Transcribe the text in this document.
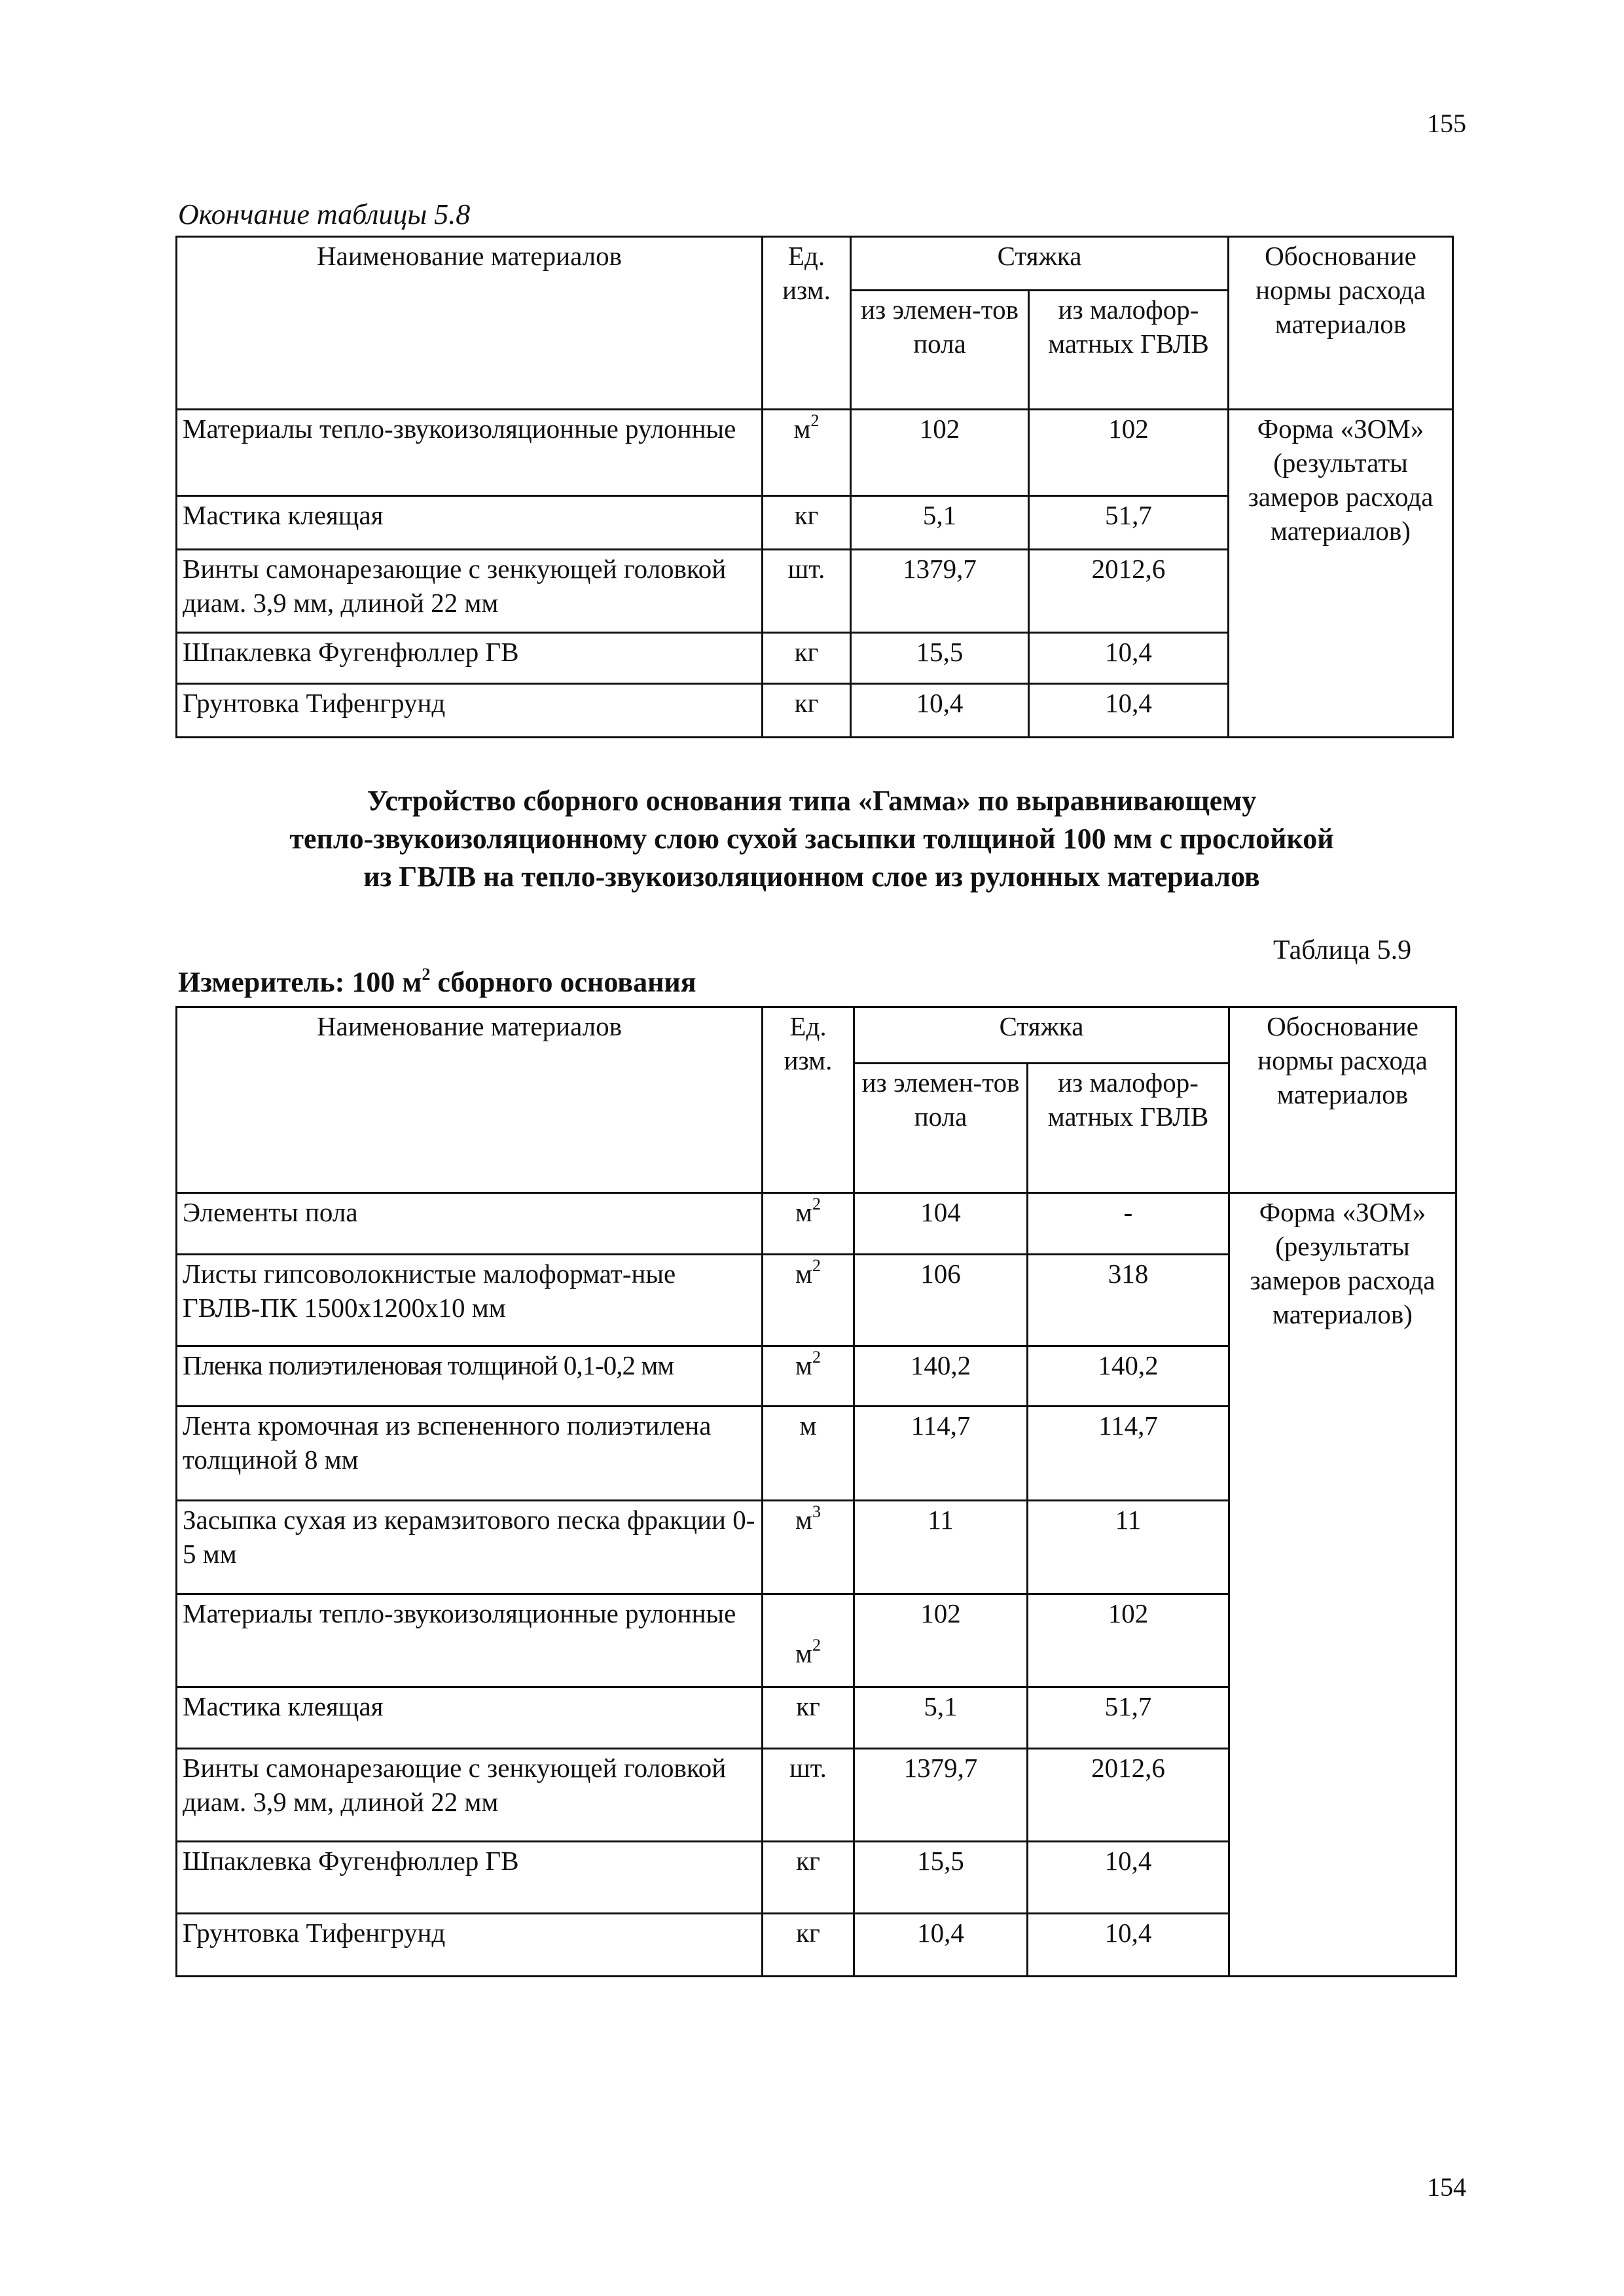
155
Окончание таблицы 5.8
Наименование материалов	Ед. изм.	Стяжка		Обоснование нормы расхода материалов
		из элемен-тов пола	из малофор-матных ГВЛВ	
Материалы тепло-звукоизоляционные рулонные	$м^2$	102	102	Форма «ЗОМ» (результаты замеров расхода материалов)
Мастика клеящая	кг	5,1	51,7	
Винты самонарезающие с зенкующей головкой диам. 3,9 мм, длиной 22 мм	шт.	1379,7	2012,6	
Шпаклевка Фугенфюллер ГВ	кг	15,5	10,4	
Грунтовка Тифенгрунд	кг	10,4	10,4	
Устройство сборного основания типа «Гамма» по выравнивающему
тепло-звукоизоляционному слою сухой засыпки толщиной 100 мм с прослойкой
из ГВЛВ на тепло-звукоизоляционном слое из рулонных материалов
Таблица 5.9
Измеритель: 100 $м^2$ сборного основания
Наименование материалов	Ед. изм.	Стяжка		Обоснование нормы расхода материалов
		из элемен-тов пола	из малофор-матных ГВЛВ	
Элементы пола	$м^2$	104	-	Форма «ЗОМ» (результаты замеров расхода материалов)
Листы гипсоволокнистые малоформат-ные ГВЛВ-ПК 1500х1200х10 мм	$м^2$	106	318	
Пленка полиэтиленовая толщиной 0,1-0,2 мм	$м^2$	140,2	140,2	
Лента кромочная из вспененного полиэтилена толщиной 8 мм	м	114,7	114,7	
Засыпка сухая из керамзитового песка фракции 0-5 мм	$м^3$	11	11	
Материалы тепло-звукоизоляционные рулонные	$м^2$	102	102	
Мастика клеящая	кг	5,1	51,7	
Винты самонарезающие с зенкующей головкой диам. 3,9 мм, длиной 22 мм	шт.	1379,7	2012,6	
Шпаклевка Фугенфюллер ГВ	кг	15,5	10,4	
Грунтовка Тифенгрунд	кг	10,4	10,4	
154
